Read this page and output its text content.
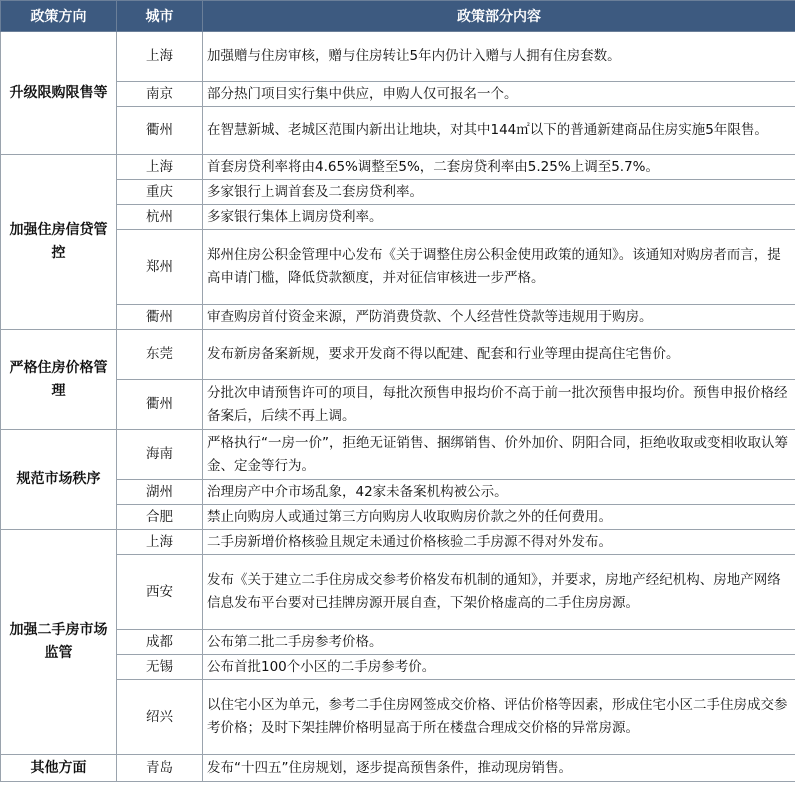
政策方向	城市	政策部分内容
升级限购限售等	上海	加强赠与住房审核，赠与住房转让5年内仍计入赠与人拥有住房套数。
	南京	部分热门项目实行集中供应，申购人仅可报名一个。
	衢州	在智慧新城、老城区范围内新出让地块，对其中144㎡以下的普通新建商品住房实施5年限售。
加强住房信贷管控	上海	首套房贷利率将由4.65%调整至5%，二套房贷利率由5.25%上调至5.7%。
	重庆	多家银行上调首套及二套房贷利率。
	杭州	多家银行集体上调房贷利率。
	郑州	郑州住房公积金管理中心发布《关于调整住房公积金使用政策的通知》。该通知对购房者而言，提高申请门槛，降低贷款额度，并对征信审核进一步严格。
	衢州	审查购房首付资金来源，严防消费贷款、个人经营性贷款等违规用于购房。
严格住房价格管理	东莞	发布新房备案新规，要求开发商不得以配建、配套和行业等理由提高住宅售价。
	衢州	分批次申请预售许可的项目，每批次预售申报均价不高于前一批次预售申报均价。预售申报价格经备案后，后续不再上调。
规范市场秩序	海南	严格执行“一房一价”，拒绝无证销售、捆绑销售、价外加价、阴阳合同，拒绝收取或变相收取认筹金、定金等行为。
	湖州	治理房产中介市场乱象，42家未备案机构被公示。
	合肥	禁止向购房人或通过第三方向购房人收取购房价款之外的任何费用。
加强二手房市场监管	上海	二手房新增价格核验且规定未通过价格核验二手房源不得对外发布。
	西安	发布《关于建立二手住房成交参考价格发布机制的通知》，并要求，房地产经纪机构、房地产网络信息发布平台要对已挂牌房源开展自查，下架价格虚高的二手住房房源。
	成都	公布第二批二手房参考价格。
	无锡	公布首批100个小区的二手房参考价。
	绍兴	以住宅小区为单元，参考二手住房网签成交价格、评估价格等因素，形成住宅小区二手住房成交参考价格；及时下架挂牌价格明显高于所在楼盘合理成交价格的异常房源。
其他方面	青岛	发布“十四五”住房规划，逐步提高预售条件，推动现房销售。
